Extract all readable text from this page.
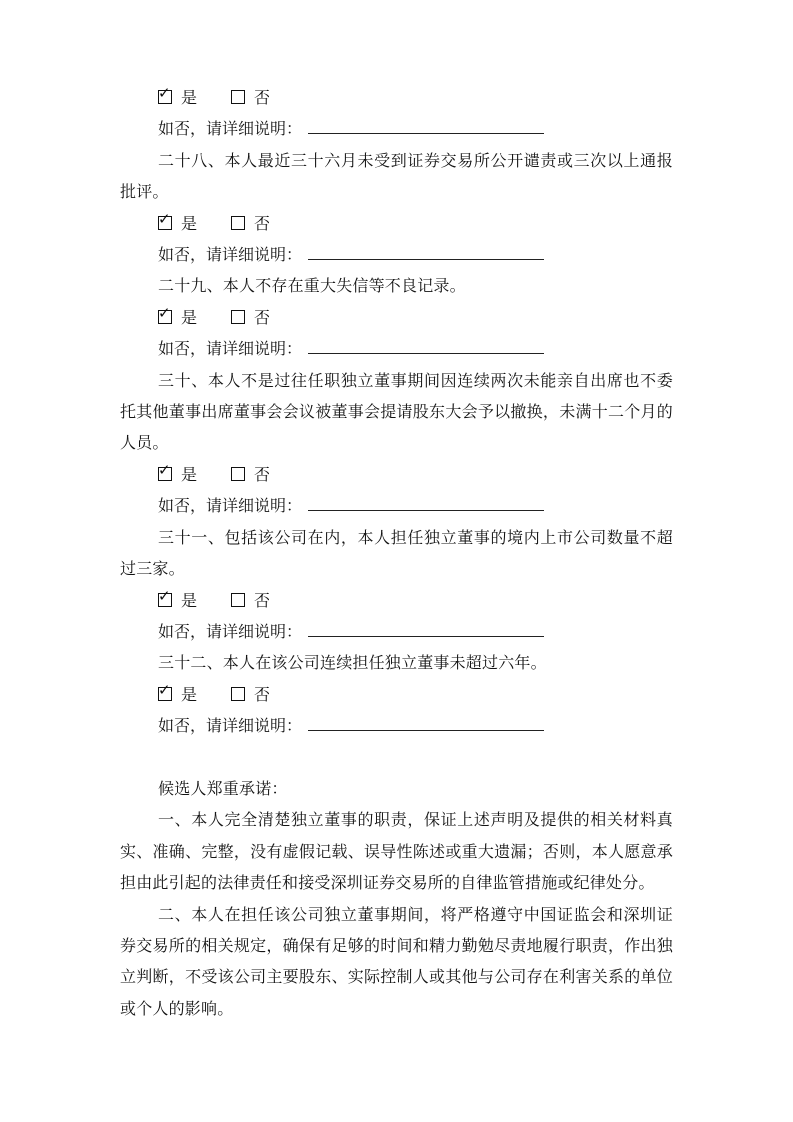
✓ 是	否
如否，请详细说明：

二十八、本人最近三十六月未受到证券交易所公开谴责或三次以上通报批评。

✓ 是	否
如否，请详细说明：

二十九、本人不存在重大失信等不良记录。

✓ 是	否
如否，请详细说明：

三十、本人不是过往任职独立董事期间因连续两次未能亲自出席也不委托其他董事出席董事会会议被董事会提请股东大会予以撤换，未满十二个月的人员。

✓ 是	否
如否，请详细说明：

三十一、包括该公司在内，本人担任独立董事的境内上市公司数量不超过三家。

✓ 是	否
如否，请详细说明：

三十二、本人在该公司连续担任独立董事未超过六年。

✓ 是	否
如否，请详细说明：

候选人郑重承诺：

一、本人完全清楚独立董事的职责，保证上述声明及提供的相关材料真实、准确、完整，没有虚假记载、误导性陈述或重大遗漏；否则，本人愿意承担由此引起的法律责任和接受深圳证券交易所的自律监管措施或纪律处分。

二、本人在担任该公司独立董事期间，将严格遵守中国证监会和深圳证券交易所的相关规定，确保有足够的时间和精力勤勉尽责地履行职责，作出独立判断，不受该公司主要股东、实际控制人或其他与公司存在利害关系的单位或个人的影响。
